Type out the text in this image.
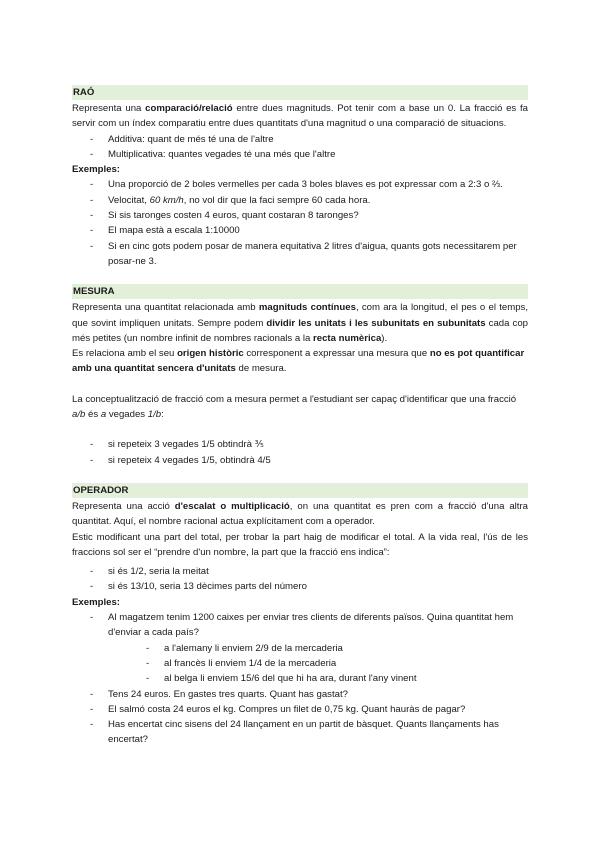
RAÓ

Representa una comparació/relació entre dues magnituds. Pot tenir com a base un 0. La fracció es fa servir com un índex comparatiu entre dues quantitats d'una magnitud o una comparació de situacions.

- Additiva: quant de més té una de l'altre
- Multiplicativa: quantes vegades té una més que l'altre

Exemples:

- Una proporció de 2 boles vermelles per cada 3 boles blaves es pot expressar com a 2:3 o ⅔.
- Velocitat, 60 km/h, no vol dir que la faci sempre 60 cada hora.
- Si sis taronges costen 4 euros, quant costaran 8 taronges?
- El mapa està a escala 1:10000
- Si en cinc gots podem posar de manera equitativa 2 litres d'aigua, quants gots necessitarem per posar-ne 3.
MESURA

Representa una quantitat relacionada amb magnituds contínues, com ara la longitud, el pes o el temps, que sovint impliquen unitats. Sempre podem dividir les unitats i les subunitats en subunitats cada cop més petites (un nombre infinit de nombres racionals a la recta numèrica).

Es relaciona amb el seu origen històric corresponent a expressar una mesura que no es pot quantificar amb una quantitat sencera d'unitats de mesura.

La conceptualització de fracció com a mesura permet a l'estudiant ser capaç d'identificar que una fracció a/b és a vegades 1/b:

- si repeteix 3 vegades 1/5 obtindrà ⅗
- si repeteix 4 vegades 1/5, obtindrà 4/5
OPERADOR

Representa una acció d'escalat o multiplicació, on una quantitat es pren com a fracció d'una altra quantitat. Aquí, el nombre racional actua explícitament com a operador.

Estic modificant una part del total, per trobar la part haig de modificar el total. A la vida real, l'ús de les fraccions sol ser el “prendre d'un nombre, la part que la fracció ens indica”:

- si és 1/2, seria la meitat
- si és 13/10, seria 13 dècimes parts del número

Exemples:

- Al magatzem tenim 1200 caixes per enviar tres clients de diferents països. Quina quantitat hem d'enviar a cada país?
- a l'alemany li enviem 2/9 de la mercaderia
- al francès li enviem 1/4 de la mercaderia
- al belga li enviem 15/6 del que hi ha ara, durant l'any vinent
- Tens 24 euros. En gastes tres quarts. Quant has gastat?
- El salmó costa 24 euros el kg. Compres un filet de 0,75 kg. Quant hauràs de pagar?
- Has encertat cinc sisens del 24 llançament en un partit de bàsquet. Quants llançaments has encertat?
